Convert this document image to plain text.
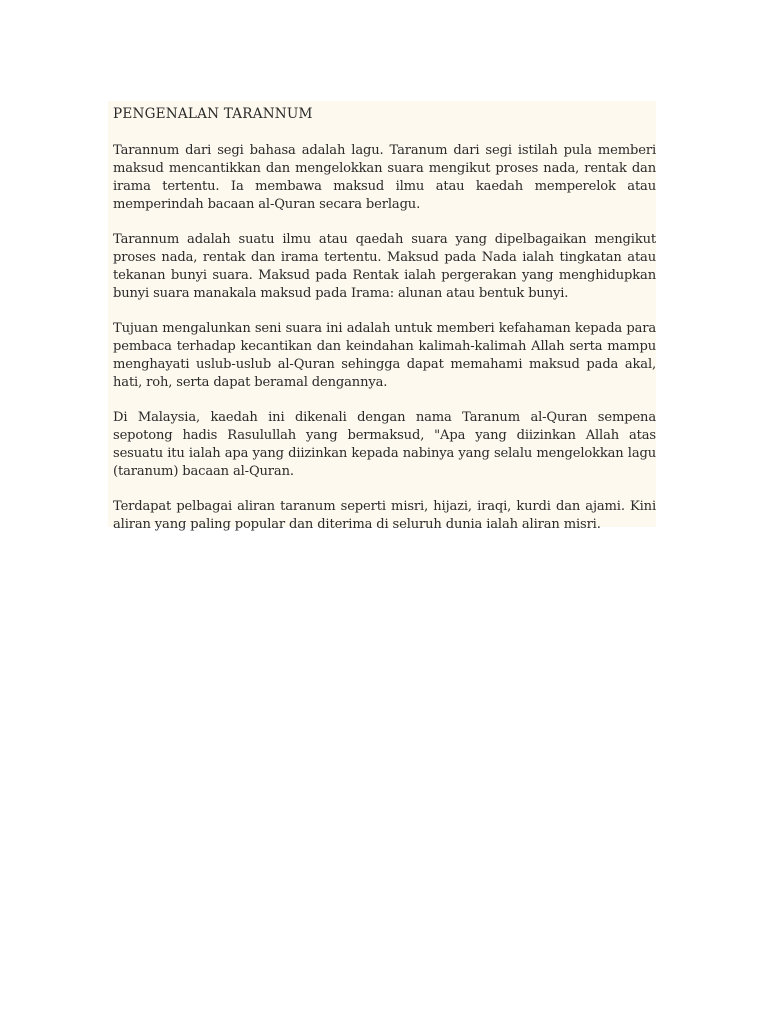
PENGENALAN TARANNUM

Tarannum dari segi bahasa adalah lagu. Taranum dari segi istilah pula memberi maksud mencantikkan dan mengelokkan suara mengikut proses nada, rentak dan irama tertentu. Ia membawa maksud ilmu atau kaedah memperelok atau memperindah bacaan al-Quran secara berlagu.

Tarannum adalah suatu ilmu atau qaedah suara yang dipelbagaikan mengikut proses nada, rentak dan irama tertentu. Maksud pada Nada ialah tingkatan atau tekanan bunyi suara. Maksud pada Rentak ialah pergerakan yang menghidupkan bunyi suara manakala maksud pada Irama: alunan atau bentuk bunyi.

Tujuan mengalunkan seni suara ini adalah untuk memberi kefahaman kepada para pembaca terhadap kecantikan dan keindahan kalimah-kalimah Allah serta mampu menghayati uslub-uslub al-Quran sehingga dapat memahami maksud pada akal, hati, roh, serta dapat beramal dengannya.

Di Malaysia, kaedah ini dikenali dengan nama Taranum al-Quran sempena sepotong hadis Rasulullah yang bermaksud, "Apa yang diizinkan Allah atas sesuatu itu ialah apa yang diizinkan kepada nabinya yang selalu mengelokkan lagu (taranum) bacaan al-Quran.

Terdapat pelbagai aliran taranum seperti misri, hijazi, iraqi, kurdi dan ajami. Kini aliran yang paling popular dan diterima di seluruh dunia ialah aliran misri.
